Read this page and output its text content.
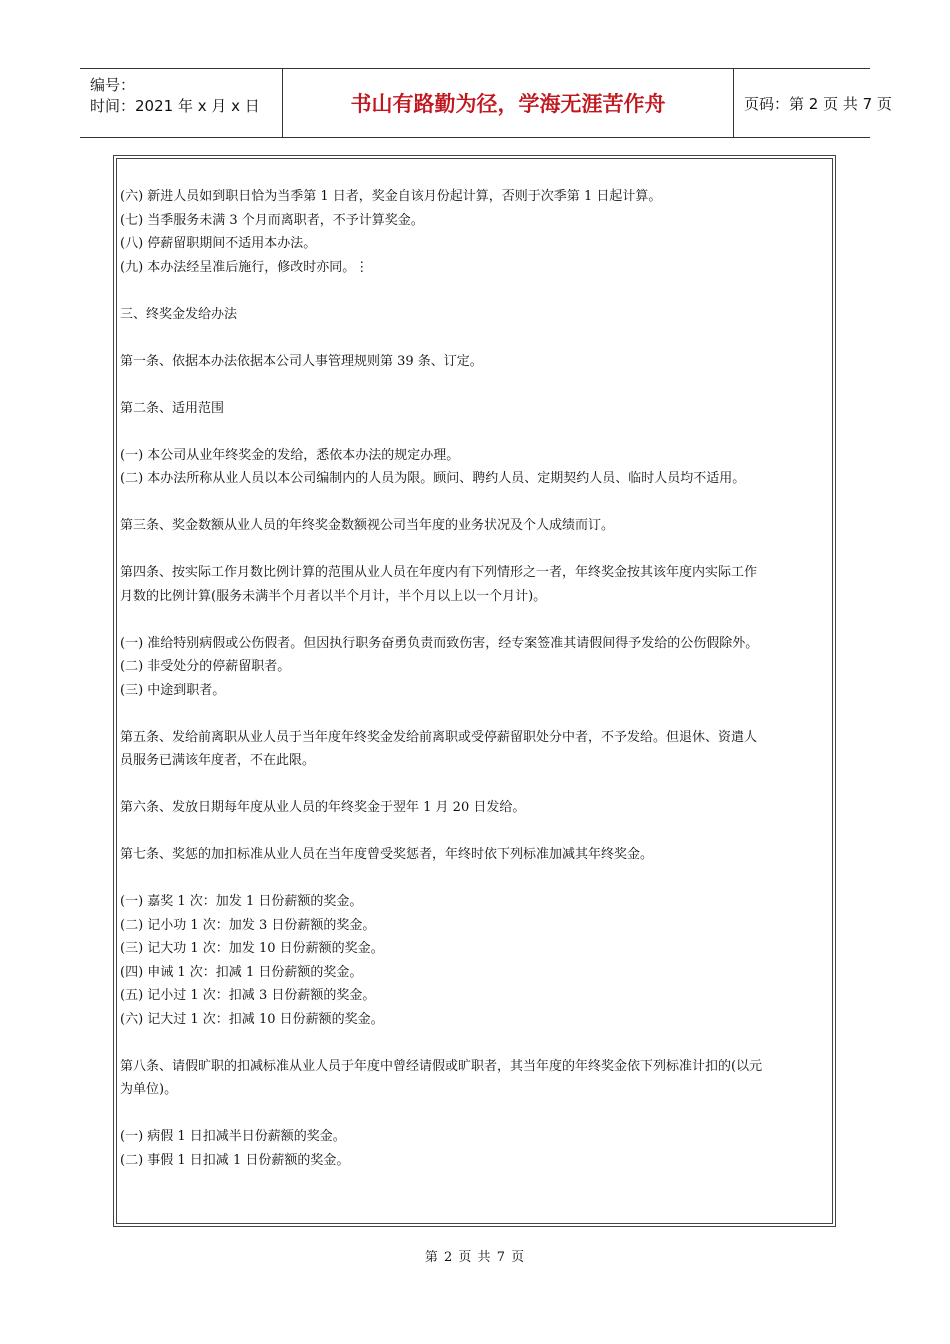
编号：
时间：2021 年 x 月 x 日	书山有路勤为径，学海无涯苦作舟	页码：第 2 页 共 7 页
(六) 新进人员如到职日恰为当季第 1 日者，奖金自该月份起计算，否则于次季第 1 日起计算。
(七) 当季服务未满 3 个月而离职者，不予计算奖金。
(八) 停薪留职期间不适用本办法。
(九) 本办法经呈准后施行，修改时亦同。⋮
三、终奖金发给办法
第一条、依据本办法依据本公司人事管理规则第 39 条、订定。
第二条、适用范围
(一) 本公司从业年终奖金的发给，悉依本办法的规定办理。
(二) 本办法所称从业人员以本公司编制内的人员为限。顾问、聘约人员、定期契约人员、临时人员均不适用。
第三条、奖金数额从业人员的年终奖金数额视公司当年度的业务状况及个人成绩而订。
第四条、按实际工作月数比例计算的范围从业人员在年度内有下列情形之一者，年终奖金按其该年度内实际工作
月数的比例计算(服务未满半个月者以半个月计，半个月以上以一个月计)。
(一) 准给特别病假或公伤假者。但因执行职务奋勇负责而致伤害，经专案签准其请假间得予发给的公伤假除外。
(二) 非受处分的停薪留职者。
(三) 中途到职者。
第五条、发给前离职从业人员于当年度年终奖金发给前离职或受停薪留职处分中者，不予发给。但退休、资遣人
员服务已满该年度者，不在此限。
第六条、发放日期每年度从业人员的年终奖金于翌年 1 月 20 日发给。
第七条、奖惩的加扣标准从业人员在当年度曾受奖惩者，年终时依下列标准加减其年终奖金。
(一) 嘉奖 1 次：加发 1 日份薪额的奖金。
(二) 记小功 1 次：加发 3 日份薪额的奖金。
(三) 记大功 1 次：加发 10 日份薪额的奖金。
(四) 申诫 1 次：扣减 1 日份薪额的奖金。
(五) 记小过 1 次：扣减 3 日份薪额的奖金。
(六) 记大过 1 次：扣减 10 日份薪额的奖金。
第八条、请假旷职的扣减标准从业人员于年度中曾经请假或旷职者，其当年度的年终奖金依下列标准计扣的(以元
为单位)。
(一) 病假 1 日扣减半日份薪额的奖金。
(二) 事假 1 日扣减 1 日份薪额的奖金。
第 2 页 共 7 页
